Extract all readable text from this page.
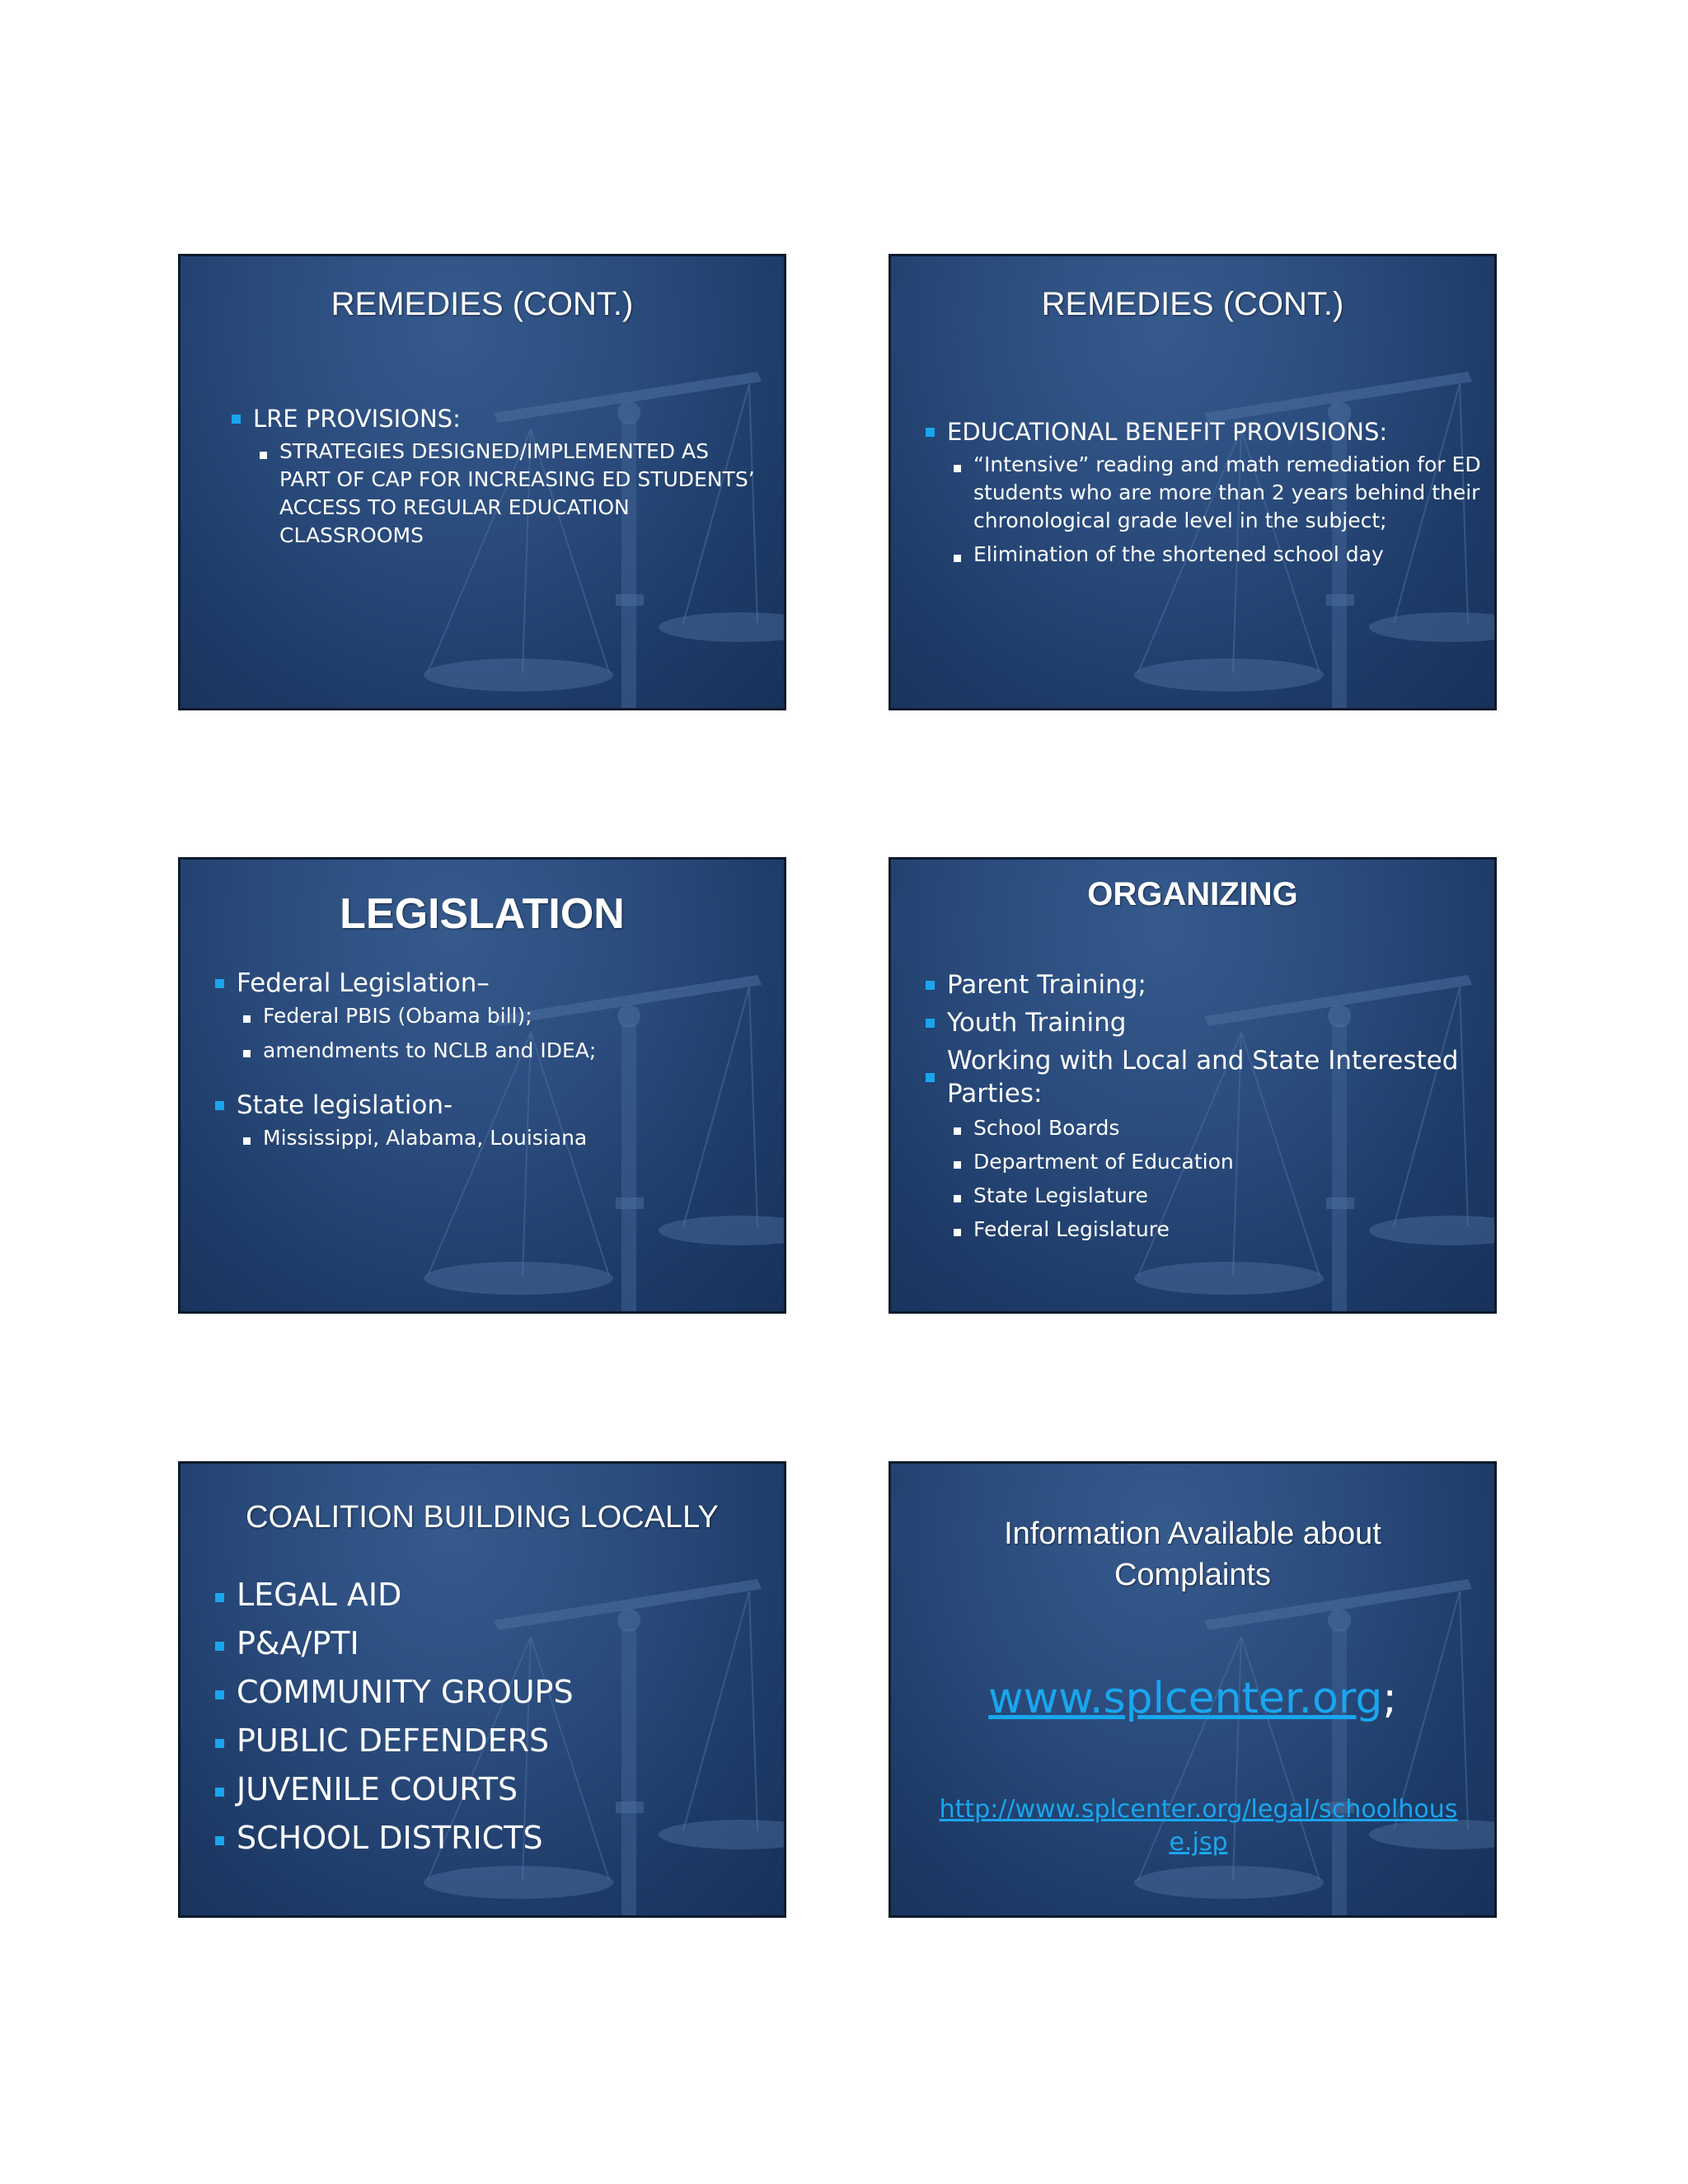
REMEDIES (CONT.)
LRE PROVISIONS:
STRATEGIES DESIGNED/IMPLEMENTED AS PART OF CAP FOR INCREASING ED STUDENTS’ ACCESS TO REGULAR EDUCATION CLASSROOMS
REMEDIES (CONT.)
EDUCATIONAL BENEFIT PROVISIONS:
“Intensive” reading and math remediation for ED students who are more than 2 years behind their chronological grade level in the subject;
Elimination of the shortened school day
LEGISLATION
Federal Legislation–
Federal PBIS (Obama bill);
amendments to NCLB and IDEA;
State legislation-
Mississippi, Alabama, Louisiana
ORGANIZING
Parent Training;
Youth Training
Working with Local and State Interested Parties:
School Boards
Department of Education
State Legislature
Federal Legislature
COALITION BUILDING LOCALLY
LEGAL AID
P&A/PTI
COMMUNITY GROUPS
PUBLIC DEFENDERS
JUVENILE COURTS
SCHOOL DISTRICTS
Information Available about
Complaints
www.splcenter.org;
http://www.splcenter.org/legal/schoolhous
e.jsp
